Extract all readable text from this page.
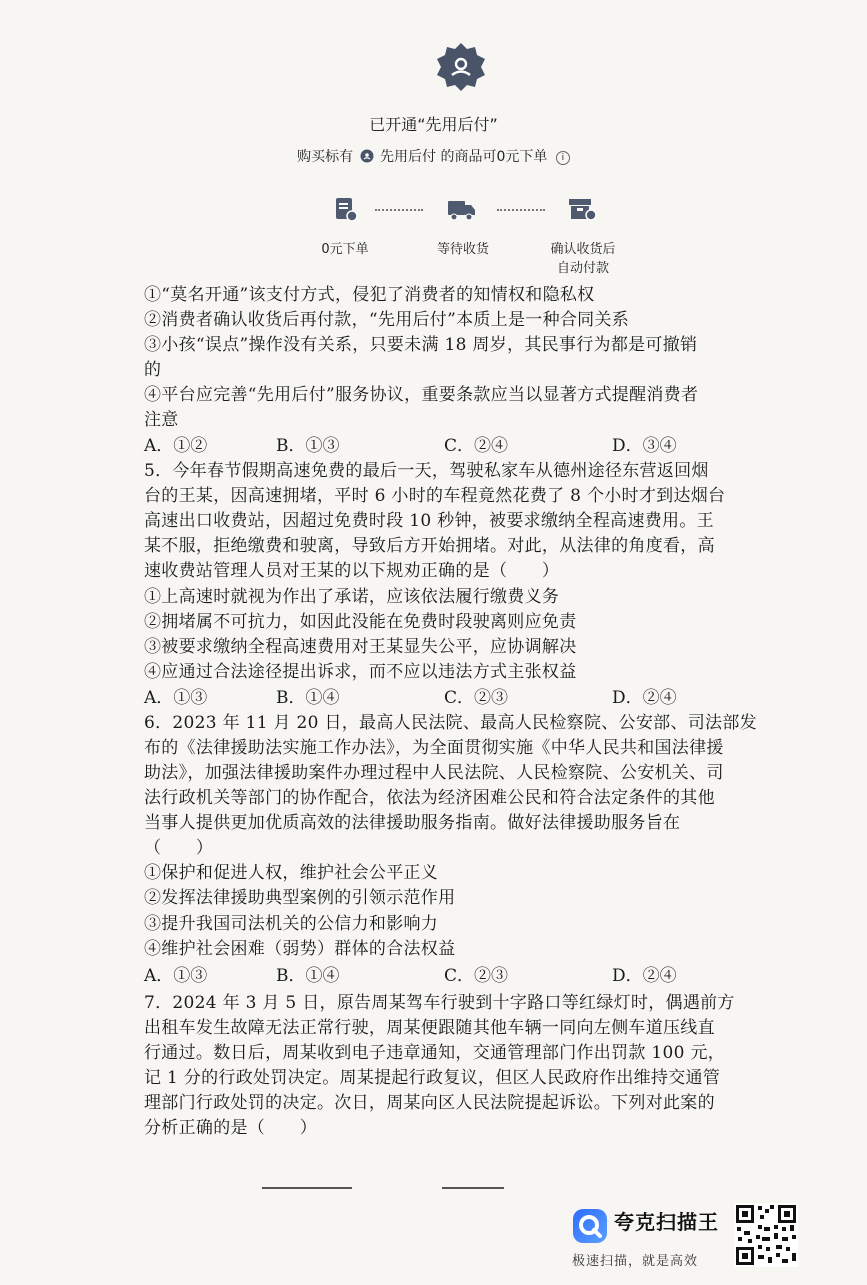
已开通“先用后付”
购买标有 先用后付 的商品可0元下单 i
0元下单	等待收货	确认收货后
自动付款
①“莫名开通”该支付方式，侵犯了消费者的知情权和隐私权
②消费者确认收货后再付款，“先用后付”本质上是一种合同关系
③小孩“误点”操作没有关系，只要未满 18 周岁，其民事行为都是可撤销
的
④平台应完善“先用后付”服务协议，重要条款应当以显著方式提醒消费者
注意
A．①②	B．①③	C．②④	D．③④
5．今年春节假期高速免费的最后一天，驾驶私家车从德州途径东营返回烟
台的王某，因高速拥堵，平时 6 小时的车程竟然花费了 8 个小时才到达烟台
高速出口收费站，因超过免费时段 10 秒钟，被要求缴纳全程高速费用。王
某不服，拒绝缴费和驶离，导致后方开始拥堵。对此，从法律的角度看，高
速收费站管理人员对王某的以下规劝正确的是（　　）
①上高速时就视为作出了承诺，应该依法履行缴费义务
②拥堵属不可抗力，如因此没能在免费时段驶离则应免责
③被要求缴纳全程高速费用对王某显失公平，应协调解决
④应通过合法途径提出诉求，而不应以违法方式主张权益
A．①③	B．①④	C．②③	D．②④
6．2023 年 11 月 20 日，最高人民法院、最高人民检察院、公安部、司法部发
布的《法律援助法实施工作办法》，为全面贯彻实施《中华人民共和国法律援
助法》，加强法律援助案件办理过程中人民法院、人民检察院、公安机关、司
法行政机关等部门的协作配合，依法为经济困难公民和符合法定条件的其他
当事人提供更加优质高效的法律援助服务指南。做好法律援助服务旨在
（　　）
①保护和促进人权，维护社会公平正义
②发挥法律援助典型案例的引领示范作用
③提升我国司法机关的公信力和影响力
④维护社会困难（弱势）群体的合法权益
A．①③	B．①④	C．②③	D．②④
7．2024 年 3 月 5 日，原告周某驾车行驶到十字路口等红绿灯时，偶遇前方
出租车发生故障无法正常行驶，周某便跟随其他车辆一同向左侧车道压线直
行通过。数日后，周某收到电子违章通知，交通管理部门作出罚款 100 元，
记 1 分的行政处罚决定。周某提起行政复议，但区人民政府作出维持交通管
理部门行政处罚的决定。次日，周某向区人民法院提起诉讼。下列对此案的
分析正确的是（　　）
夸克扫描王
极速扫描，就是高效
